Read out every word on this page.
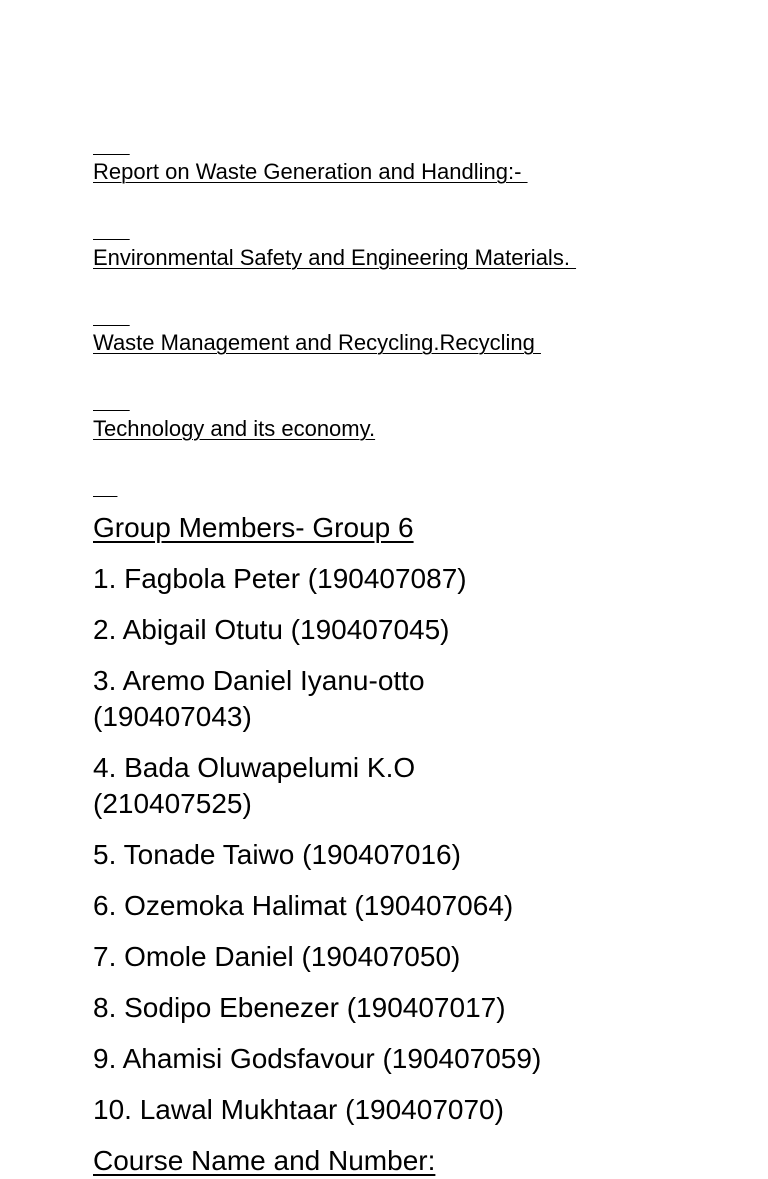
Report on Waste Generation and Handling:-

Environmental Safety and Engineering Materials.

Waste Management and Recycling.Recycling

Technology and its economy.

Group Members- Group 6
1. Fagbola Peter (190407087)
2. Abigail Otutu (190407045)
3. Aremo Daniel Iyanu-otto (190407043)
4. Bada Oluwapelumi K.O (210407525)
5. Tonade Taiwo (190407016)
6. Ozemoka Halimat (190407064)
7. Omole Daniel (190407050)
8. Sodipo Ebenezer (190407017)
9. Ahamisi Godsfavour (190407059)
10. Lawal Mukhtaar (190407070)
Course Name and Number:
